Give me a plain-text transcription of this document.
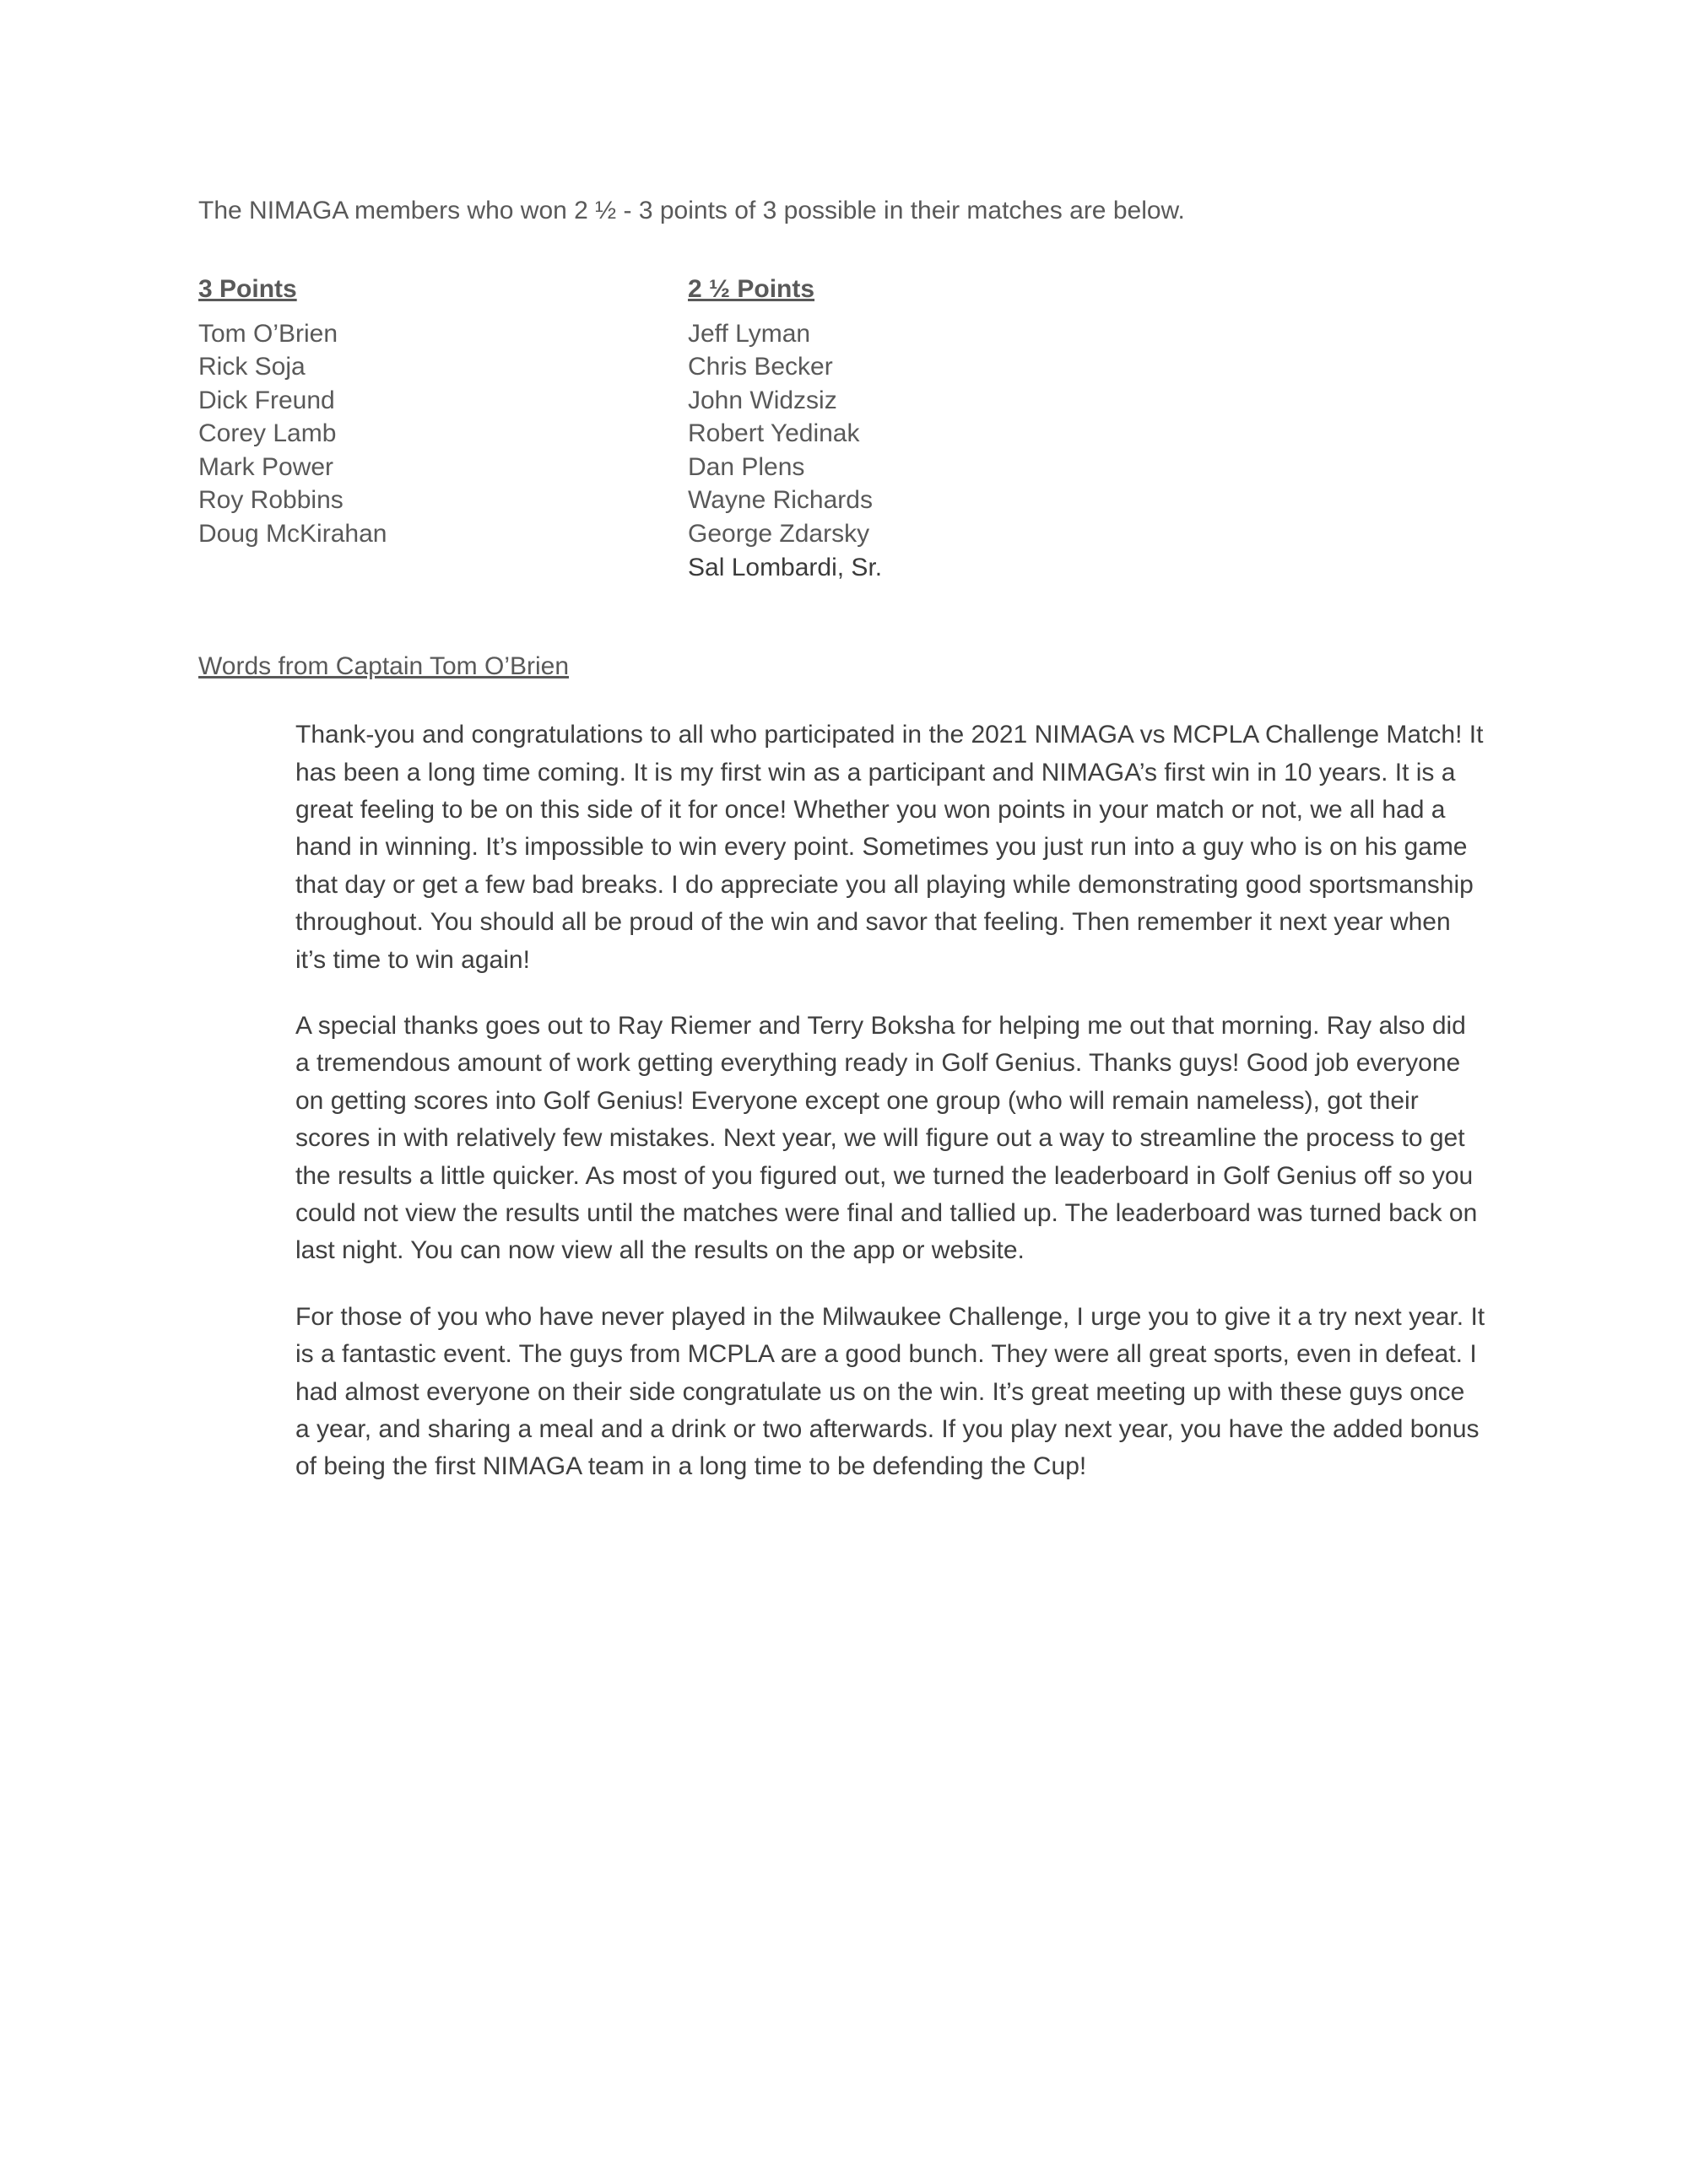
The NIMAGA members who won 2 ½ - 3 points of 3 possible in their matches are below.

3 Points
Tom O’Brien
Rick Soja
Dick Freund
Corey Lamb
Mark Power
Roy Robbins
Doug McKirahan
2 ½ Points
Jeff Lyman
Chris Becker
John Widzsiz
Robert Yedinak
Dan Plens
Wayne Richards
George Zdarsky
Sal Lombardi, Sr.
Words from Captain Tom O’Brien

Thank-you and congratulations to all who participated in the 2021 NIMAGA vs MCPLA Challenge Match! It has been a long time coming. It is my first win as a participant and NIMAGA’s first win in 10 years. It is a great feeling to be on this side of it for once! Whether you won points in your match or not, we all had a hand in winning. It’s impossible to win every point. Sometimes you just run into a guy who is on his game that day or get a few bad breaks. I do appreciate you all playing while demonstrating good sportsmanship throughout. You should all be proud of the win and savor that feeling. Then remember it next year when it’s time to win again!

A special thanks goes out to Ray Riemer and Terry Boksha for helping me out that morning. Ray also did a tremendous amount of work getting everything ready in Golf Genius. Thanks guys! Good job everyone on getting scores into Golf Genius! Everyone except one group (who will remain nameless), got their scores in with relatively few mistakes. Next year, we will figure out a way to streamline the process to get the results a little quicker. As most of you figured out, we turned the leaderboard in Golf Genius off so you could not view the results until the matches were final and tallied up. The leaderboard was turned back on last night. You can now view all the results on the app or website.

For those of you who have never played in the Milwaukee Challenge, I urge you to give it a try next year. It is a fantastic event. The guys from MCPLA are a good bunch. They were all great sports, even in defeat. I had almost everyone on their side congratulate us on the win. It’s great meeting up with these guys once a year, and sharing a meal and a drink or two afterwards. If you play next year, you have the added bonus of being the first NIMAGA team in a long time to be defending the Cup!
